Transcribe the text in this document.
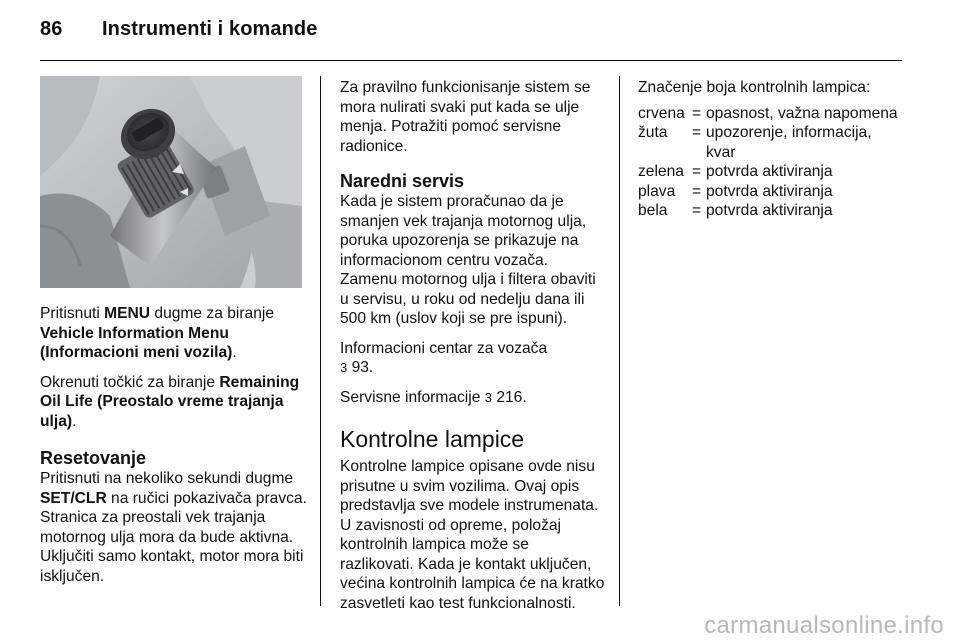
86 Instrumenti i komande

Pritisnuti MENU dugme za biranje Vehicle Information Menu (Informacioni meni vozila).

Okrenuti točkić za biranje Remaining Oil Life (Preostalo vreme trajanja ulja).

Resetovanje

Pritisnuti na nekoliko sekundi dugme SET/CLR na ručici pokazivača pravca. Stranica za preostali vek trajanja motornog ulja mora da bude aktivna. Uključiti samo kontakt, motor mora biti isključen.

Za pravilno funkcionisanje sistem se mora nulirati svaki put kada se ulje menja. Potražiti pomoć servisne radionice.

Naredni servis

Kada je sistem proračunao da je smanjen vek trajanja motornog ulja, poruka upozorenja se prikazuje na informacionom centru vozača. Zamenu motornog ulja i filtera obaviti u servisu, u roku od nedelju dana ili 500 km (uslov koji se pre ispuni).

Informacioni centar za vozača
3 93.

Servisne informacije 3 216.

Kontrolne lampice

Kontrolne lampice opisane ovde nisu prisutne u svim vozilima. Ovaj opis predstavlja sve modele instrumenata. U zavisnosti od opreme, položaj kontrolnih lampica može se razlikovati. Kada je kontakt uključen, većina kontrolnih lampica će na kratko zasvetleti kao test funkcionalnosti.

Značenje boja kontrolnih lampica:

crvena	=	opasnost, važna napomena
žuta	=	upozorenje, informacija, kvar
zelena	=	potvrda aktiviranja
plava	=	potvrda aktiviranja
bela	=	potvrda aktiviranja
carmanualsonline.info
